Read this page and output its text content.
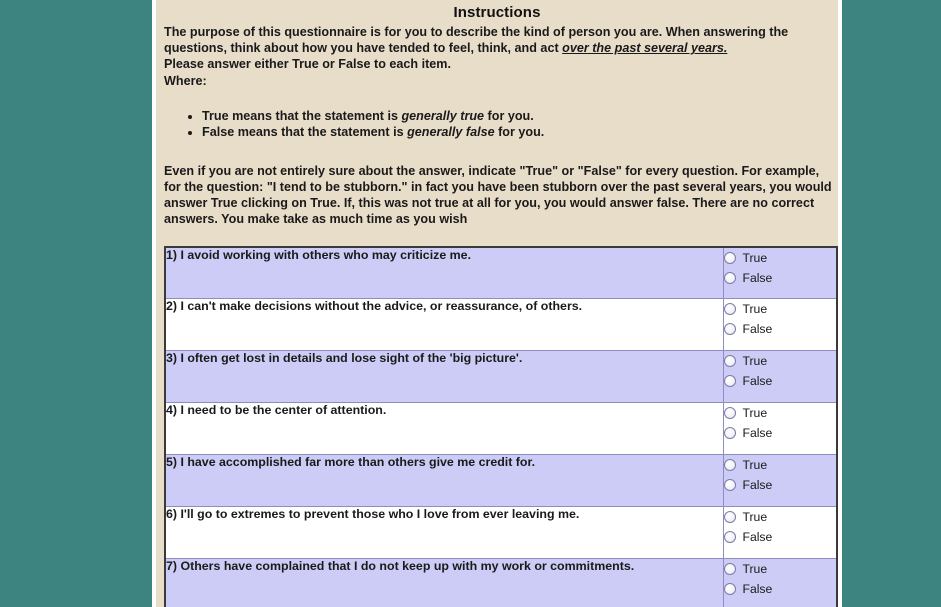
Instructions

The purpose of this questionnaire is for you to describe the kind of person you are. When answering the questions, think about how you have tended to feel, think, and act over the past several years.
Please answer either True or False to each item.
Where:

• True means that the statement is generally true for you.
• False means that the statement is generally false for you.

Even if you are not entirely sure about the answer, indicate "True" or "False" for every question. For example, for the question: "I tend to be stubborn." in fact you have been stubborn over the past several years, you would answer True clicking on True. If, this was not true at all for you, you would answer false. There are no correct answers. You make take as much time as you wish

1) I avoid working with others who may criticize me.	True
False

2) I can't make decisions without the advice, or reassurance, of others.	True
False

3) I often get lost in details and lose sight of the 'big picture'.	True
False

4) I need to be the center of attention.	True
False

5) I have accomplished far more than others give me credit for.	True
False

6) I'll go to extremes to prevent those who I love from ever leaving me.	True
False

7) Others have complained that I do not keep up with my work or commitments.	True
False
